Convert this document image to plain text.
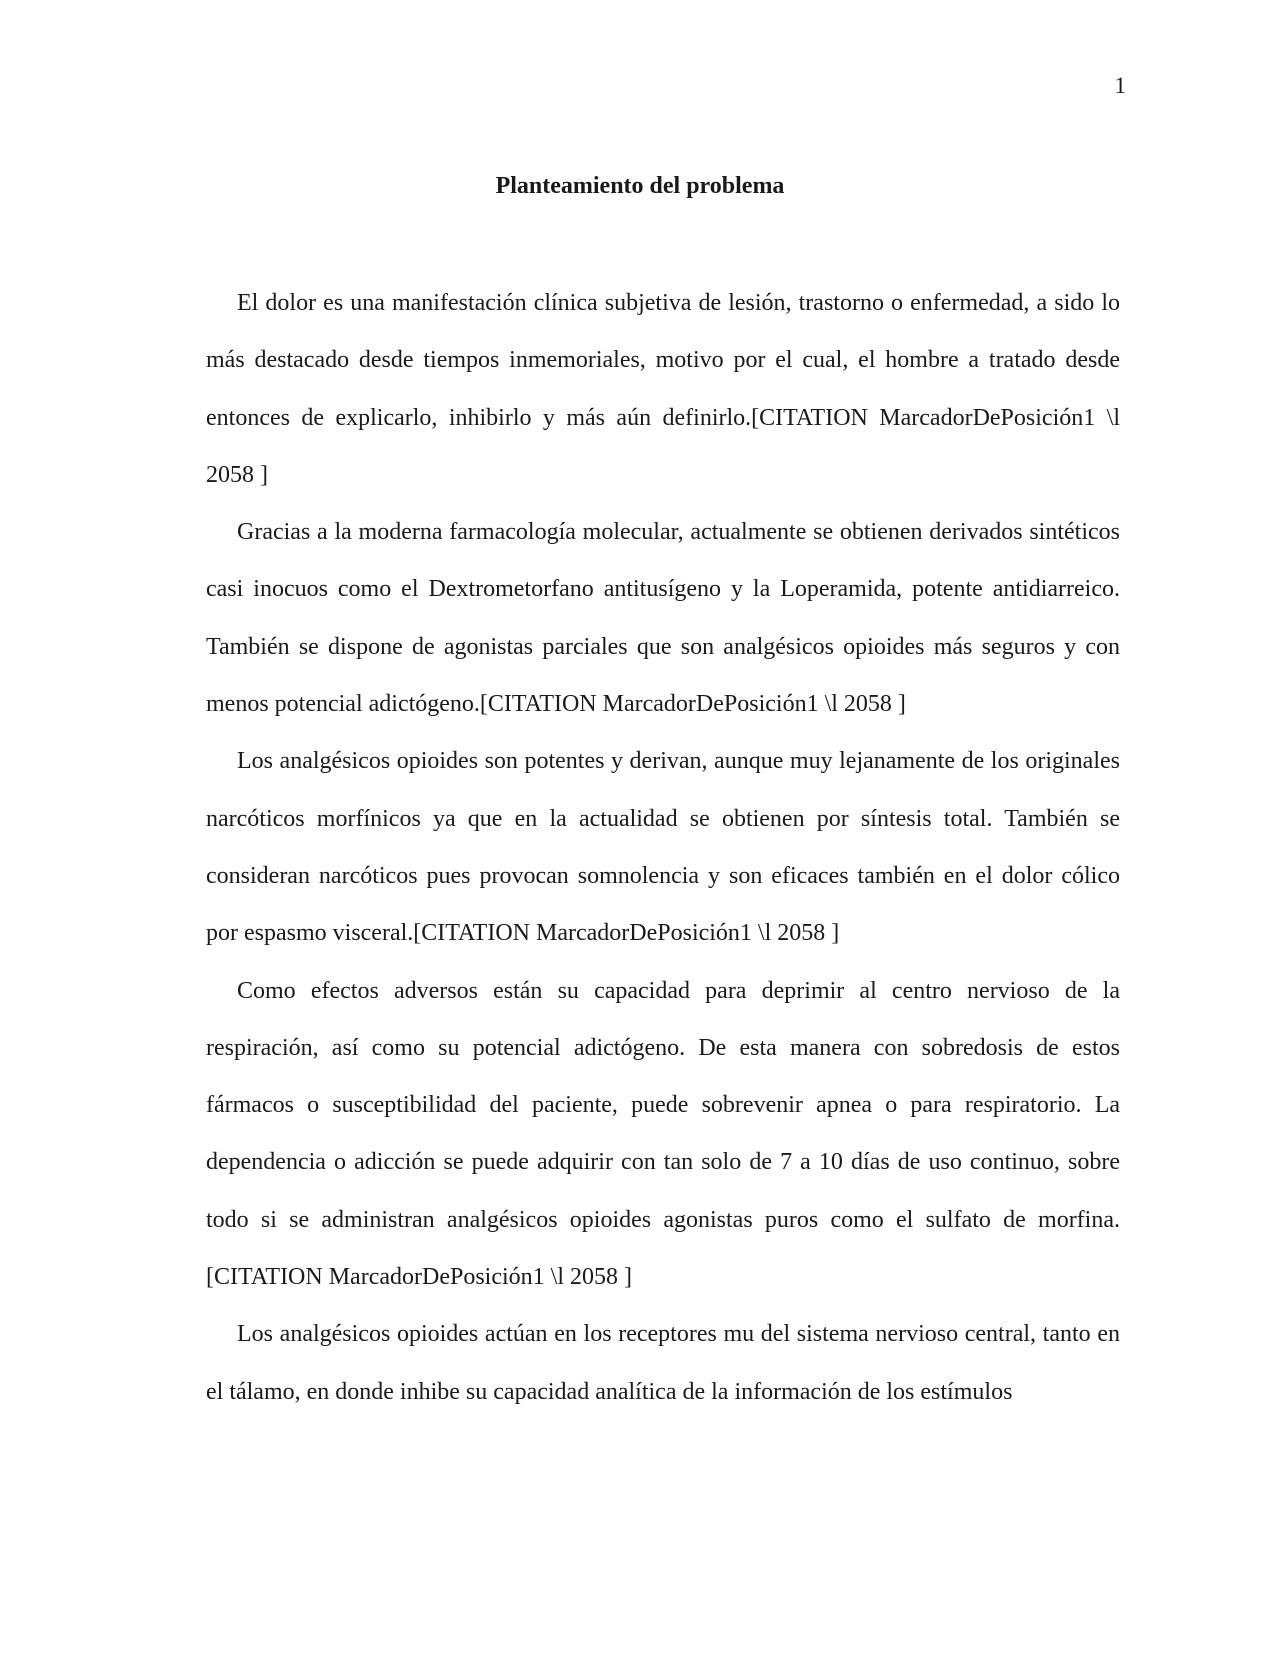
1
Planteamiento del problema

El dolor es una manifestación clínica subjetiva de lesión, trastorno o enfermedad, a sido lo más destacado desde tiempos inmemoriales, motivo por el cual, el hombre a tratado desde entonces de explicarlo, inhibirlo y más aún definirlo.[CITATION MarcadorDePosición1 \l 2058 ]

Gracias a la moderna farmacología molecular, actualmente se obtienen derivados sintéticos casi inocuos como el Dextrometorfano antitusígeno y la Loperamida, potente antidiarreico. También se dispone de agonistas parciales que son analgésicos opioides más seguros y con menos potencial adictógeno.[CITATION MarcadorDePosición1 \l 2058 ]

Los analgésicos opioides son potentes y derivan, aunque muy lejanamente de los originales narcóticos morfínicos ya que en la actualidad se obtienen por síntesis total. También se consideran narcóticos pues provocan somnolencia y son eficaces también en el dolor cólico por espasmo visceral.[CITATION MarcadorDePosición1 \l 2058 ]

Como efectos adversos están su capacidad para deprimir al centro nervioso de la respiración, así como su potencial adictógeno. De esta manera con sobredosis de estos fármacos o susceptibilidad del paciente, puede sobrevenir apnea o para respiratorio. La dependencia o adicción se puede adquirir con tan solo de 7 a 10 días de uso continuo, sobre todo si se administran analgésicos opioides agonistas puros como el sulfato de morfina. [CITATION MarcadorDePosición1 \l 2058 ]

Los analgésicos opioides actúan en los receptores mu del sistema nervioso central, tanto en el tálamo, en donde inhibe su capacidad analítica de la información de los estímulos
